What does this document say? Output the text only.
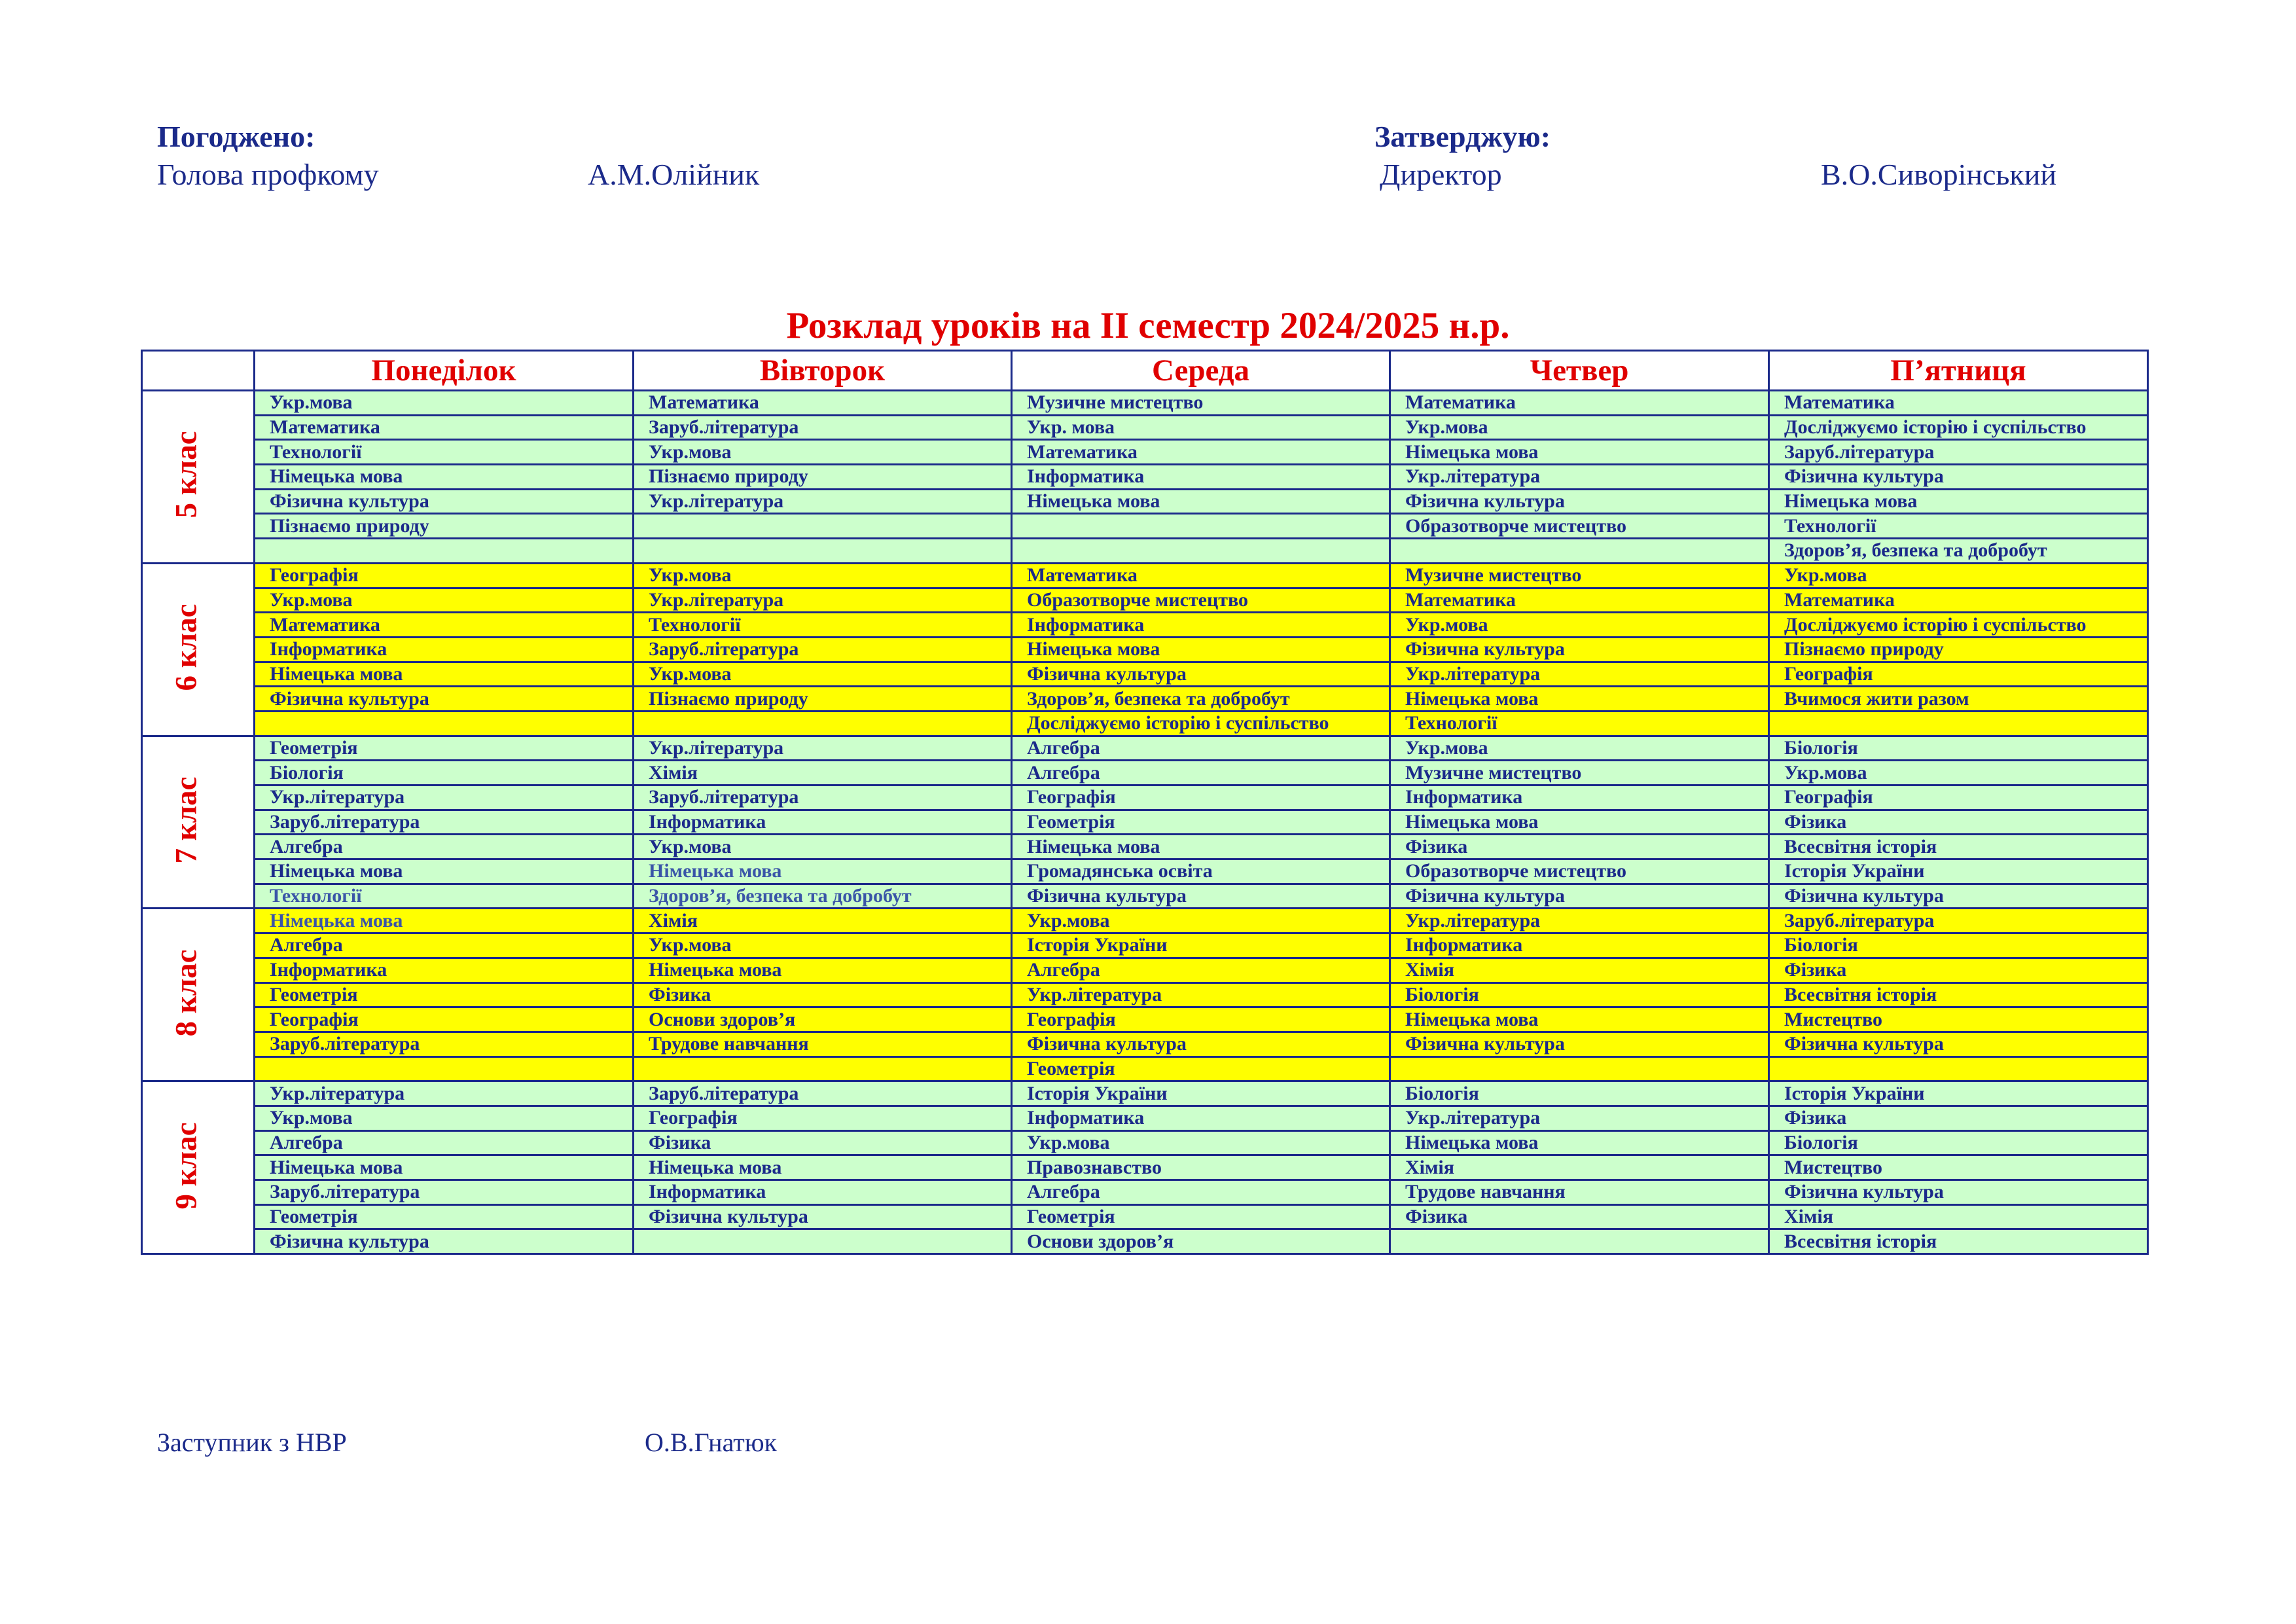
Погоджено:
Голова профкому	А.М.Олійник
Затверджую:
Директор	В.О.Сиворінський
Розклад уроків на ІІ семестр 2024/2025 н.р.
	Понеділок	Вівторок	Середа	Четвер	П’ятниця
5 клас	Укр.мова	Математика	Музичне мистецтво	Математика	Математика
	Математика	Заруб.література	Укр. мова	Укр.мова	Досліджуємо історію і суспільство
	Технології	Укр.мова	Математика	Німецька мова	Заруб.література
	Німецька мова	Пізнаємо природу	Інформатика	Укр.література	Фізична культура
	Фізична культура	Укр.література	Німецька мова	Фізична культура	Німецька мова
	Пізнаємо природу			Образотворче мистецтво	Технології
					Здоров’я, безпека та добробут
6 клас	Географія	Укр.мова	Математика	Музичне мистецтво	Укр.мова
	Укр.мова	Укр.література	Образотворче мистецтво	Математика	Математика
	Математика	Технології	Інформатика	Укр.мова	Досліджуємо історію і суспільство
	Інформатика	Заруб.література	Німецька мова	Фізична культура	Пізнаємо природу
	Німецька мова	Укр.мова	Фізична культура	Укр.література	Географія
	Фізична культура	Пізнаємо природу	Здоров’я, безпека та добробут	Німецька мова	Вчимося жити разом
			Досліджуємо історію і суспільство	Технології	
7 клас	Геометрія	Укр.література	Алгебра	Укр.мова	Біологія
	Біологія	Хімія	Алгебра	Музичне мистецтво	Укр.мова
	Укр.література	Заруб.література	Географія	Інформатика	Географія
	Заруб.література	Інформатика	Геометрія	Німецька мова	Фізика
	Алгебра	Укр.мова	Німецька мова	Фізика	Всесвітня історія
	Німецька мова	Німецька мова	Громадянська освіта	Образотворче мистецтво	Історія України
	Технології	Здоров’я, безпека та добробут	Фізична культура	Фізична культура	Фізична культура
8 клас	Німецька мова	Хімія	Укр.мова	Укр.література	Заруб.література
	Алгебра	Укр.мова	Історія України	Інформатика	Біологія
	Інформатика	Німецька мова	Алгебра	Хімія	Фізика
	Геометрія	Фізика	Укр.література	Біологія	Всесвітня історія
	Географія	Основи здоров’я	Географія	Німецька мова	Мистецтво
	Заруб.література	Трудове навчання	Фізична культура	Фізична культура	Фізична культура
			Геометрія		
9 клас	Укр.література	Заруб.література	Історія України	Біологія	Історія України
	Укр.мова	Географія	Інформатика	Укр.література	Фізика
	Алгебра	Фізика	Укр.мова	Німецька мова	Біологія
	Німецька мова	Німецька мова	Правознавство	Хімія	Мистецтво
	Заруб.література	Інформатика	Алгебра	Трудове навчання	Фізична культура
	Геометрія	Фізична культура	Геометрія	Фізика	Хімія
	Фізична культура		Основи здоров’я		Всесвітня історія
Заступник з НВР	О.В.Гнатюк
